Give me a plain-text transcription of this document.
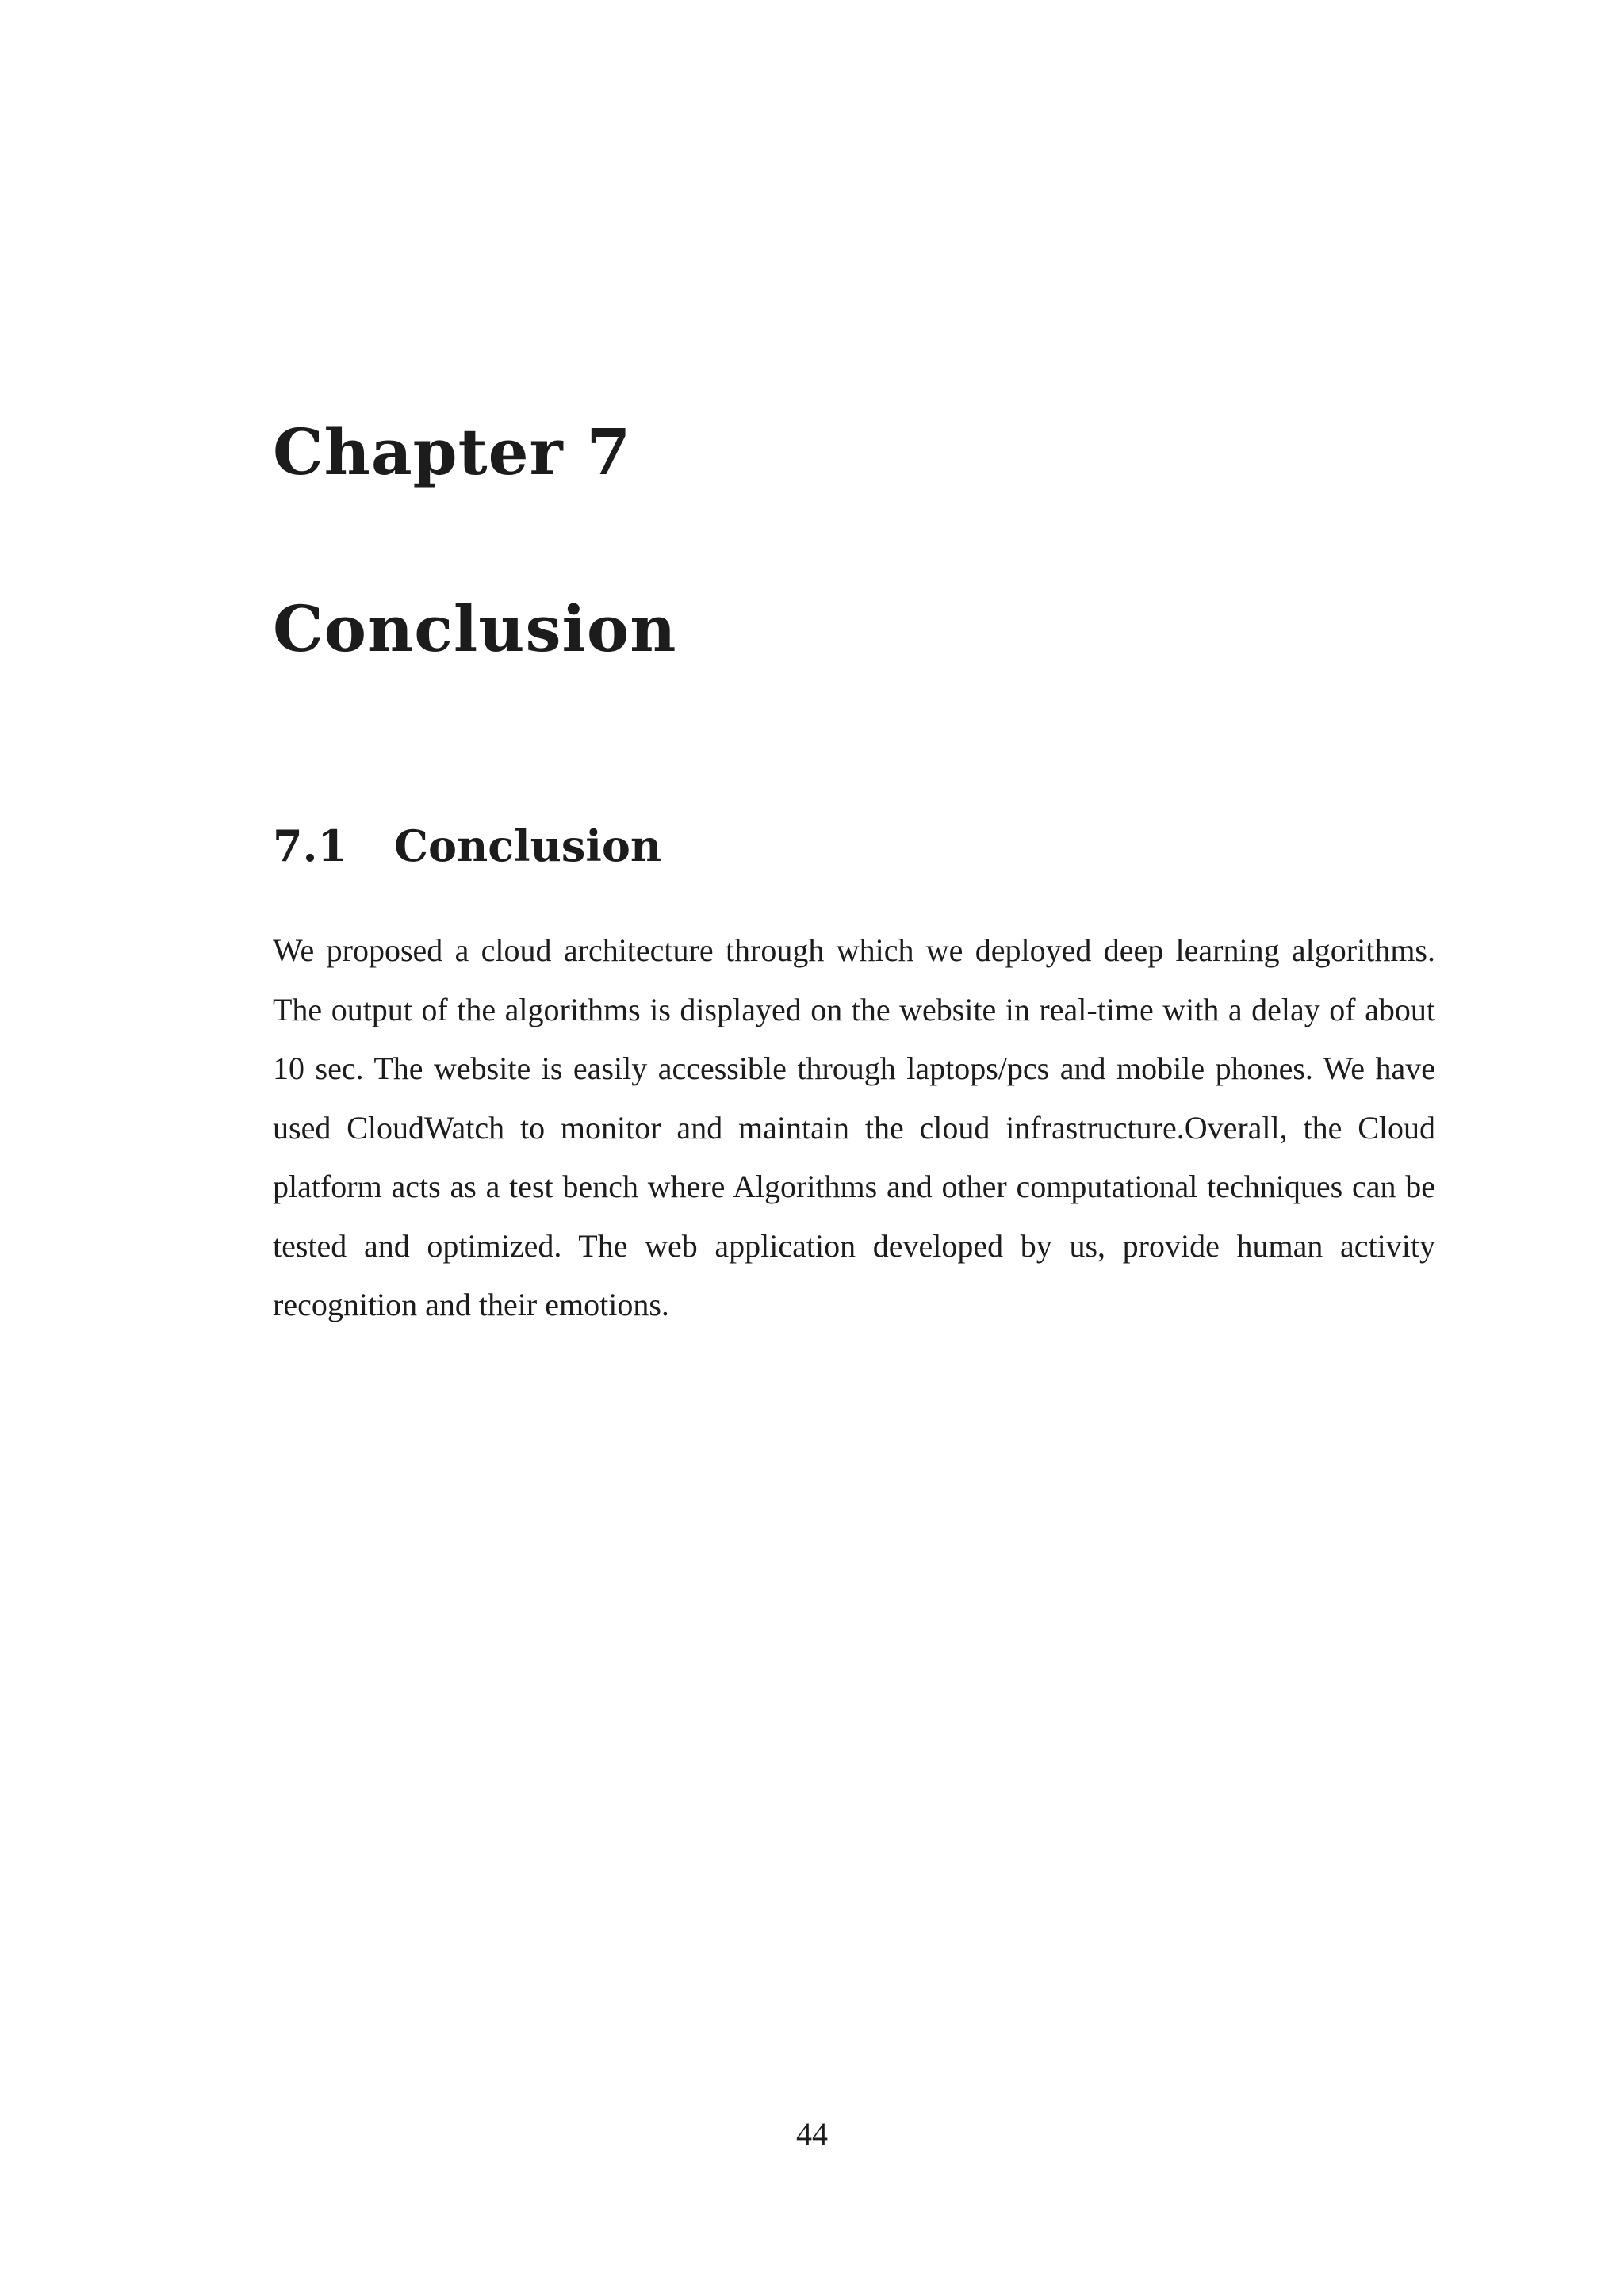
Chapter 7
Conclusion
7.1	Conclusion

We proposed a cloud architecture through which we deployed deep learning algorithms. The output of the algorithms is displayed on the website in real-time with a delay of about 10 sec. The website is easily accessible through laptops/pcs and mobile phones. We have used CloudWatch to monitor and maintain the cloud infrastructure.Overall, the Cloud platform acts as a test bench where Algorithms and other computational techniques can be tested and optimized. The web application developed by us, provide human activity recognition and their emotions.

44
